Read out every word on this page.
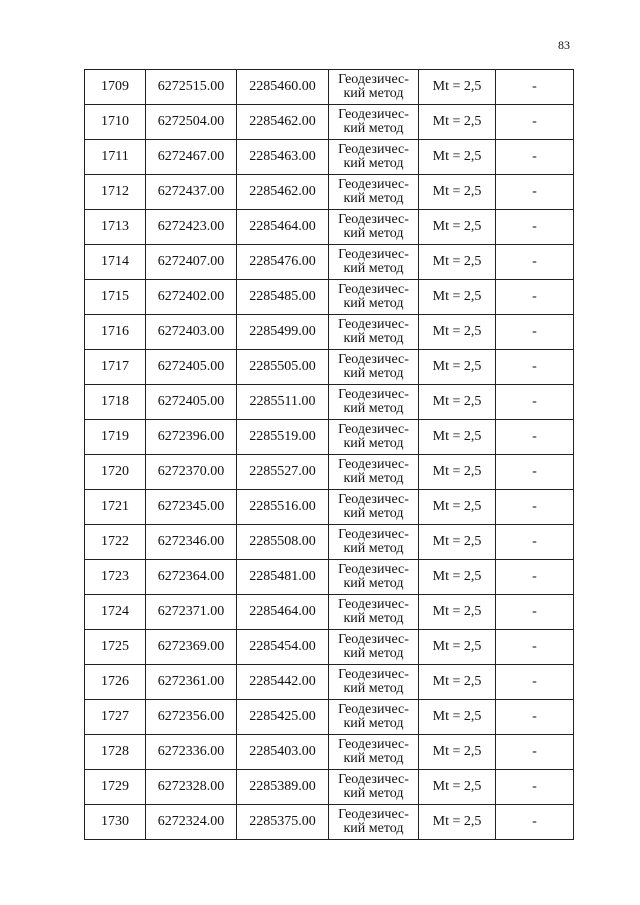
83
1709	6272515.00	2285460.00	Геодезичес-
кий метод	Mt = 2,5	-
1710	6272504.00	2285462.00	Геодезичес-
кий метод	Mt = 2,5	-
1711	6272467.00	2285463.00	Геодезичес-
кий метод	Mt = 2,5	-
1712	6272437.00	2285462.00	Геодезичес-
кий метод	Mt = 2,5	-
1713	6272423.00	2285464.00	Геодезичес-
кий метод	Mt = 2,5	-
1714	6272407.00	2285476.00	Геодезичес-
кий метод	Mt = 2,5	-
1715	6272402.00	2285485.00	Геодезичес-
кий метод	Mt = 2,5	-
1716	6272403.00	2285499.00	Геодезичес-
кий метод	Mt = 2,5	-
1717	6272405.00	2285505.00	Геодезичес-
кий метод	Mt = 2,5	-
1718	6272405.00	2285511.00	Геодезичес-
кий метод	Mt = 2,5	-
1719	6272396.00	2285519.00	Геодезичес-
кий метод	Mt = 2,5	-
1720	6272370.00	2285527.00	Геодезичес-
кий метод	Mt = 2,5	-
1721	6272345.00	2285516.00	Геодезичес-
кий метод	Mt = 2,5	-
1722	6272346.00	2285508.00	Геодезичес-
кий метод	Mt = 2,5	-
1723	6272364.00	2285481.00	Геодезичес-
кий метод	Mt = 2,5	-
1724	6272371.00	2285464.00	Геодезичес-
кий метод	Mt = 2,5	-
1725	6272369.00	2285454.00	Геодезичес-
кий метод	Mt = 2,5	-
1726	6272361.00	2285442.00	Геодезичес-
кий метод	Mt = 2,5	-
1727	6272356.00	2285425.00	Геодезичес-
кий метод	Mt = 2,5	-
1728	6272336.00	2285403.00	Геодезичес-
кий метод	Mt = 2,5	-
1729	6272328.00	2285389.00	Геодезичес-
кий метод	Mt = 2,5	-
1730	6272324.00	2285375.00	Геодезичес-
кий метод	Mt = 2,5	-
